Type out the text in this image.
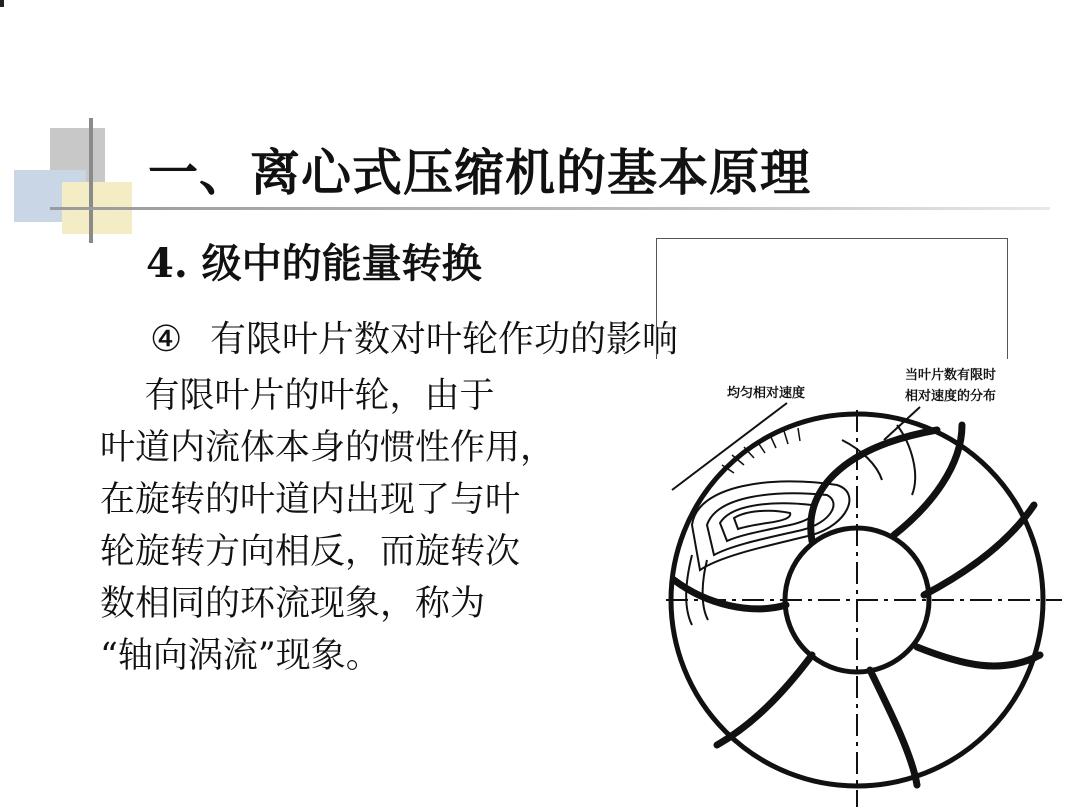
一、离心式压缩机的基本原理
4. 级中的能量转换
④ 有限叶片数对叶轮作功的影响
有限叶片的叶轮，由于
叶道内流体本身的惯性作用，
在旋转的叶道内出现了与叶
轮旋转方向相反，而旋转次
数相同的环流现象，称为
“轴向涡流”现象。
均匀相对速度
当叶片数有限时
相对速度的分布
